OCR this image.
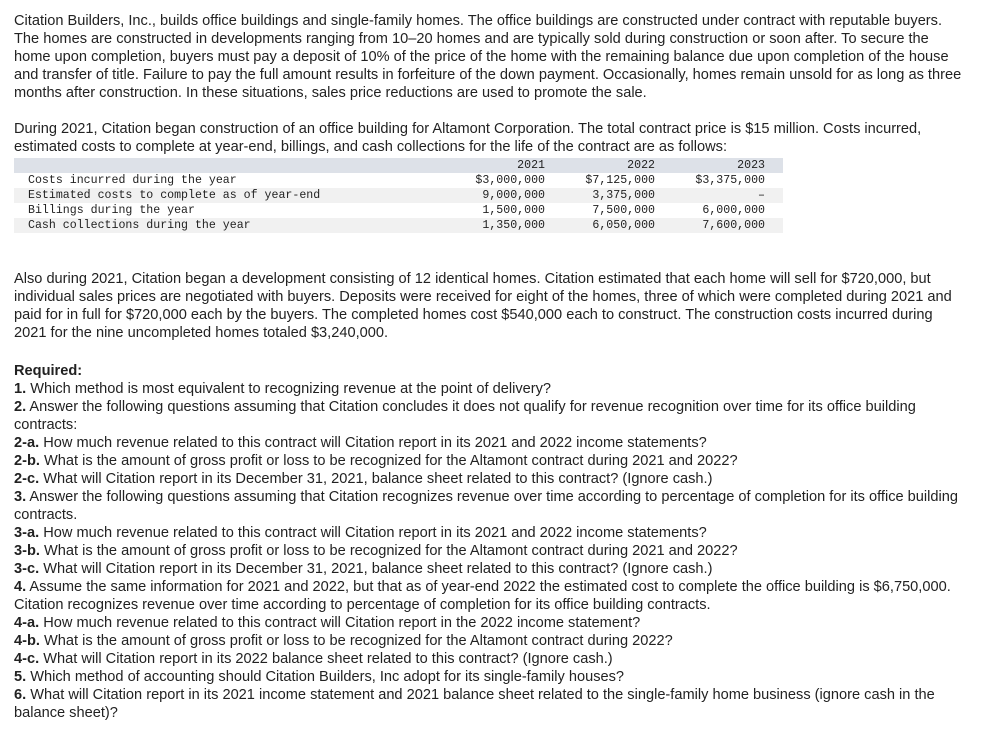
Citation Builders, Inc., builds office buildings and single-family homes. The office buildings are constructed under contract with reputable buyers. The homes are constructed in developments ranging from 10–20 homes and are typically sold during construction or soon after. To secure the home upon completion, buyers must pay a deposit of 10% of the price of the home with the remaining balance due upon completion of the house and transfer of title. Failure to pay the full amount results in forfeiture of the down payment. Occasionally, homes remain unsold for as long as three months after construction. In these situations, sales price reductions are used to promote the sale.

During 2021, Citation began construction of an office building for Altamont Corporation. The total contract price is $15 million. Costs incurred, estimated costs to complete at year-end, billings, and cash collections for the life of the contract are as follows:

	2021	2022	2023
Costs incurred during the year	$3,000,000	$7,125,000	$3,375,000
Estimated costs to complete as of year-end	9,000,000	3,375,000	–
Billings during the year	1,500,000	7,500,000	6,000,000
Cash collections during the year	1,350,000	6,050,000	7,600,000

Also during 2021, Citation began a development consisting of 12 identical homes. Citation estimated that each home will sell for $720,000, but individual sales prices are negotiated with buyers. Deposits were received for eight of the homes, three of which were completed during 2021 and paid for in full for $720,000 each by the buyers. The completed homes cost $540,000 each to construct. The construction costs incurred during 2021 for the nine uncompleted homes totaled $3,240,000.

Required:
1. Which method is most equivalent to recognizing revenue at the point of delivery?
2. Answer the following questions assuming that Citation concludes it does not qualify for revenue recognition over time for its office building contracts:
2-a. How much revenue related to this contract will Citation report in its 2021 and 2022 income statements?
2-b. What is the amount of gross profit or loss to be recognized for the Altamont contract during 2021 and 2022?
2-c. What will Citation report in its December 31, 2021, balance sheet related to this contract? (Ignore cash.)
3. Answer the following questions assuming that Citation recognizes revenue over time according to percentage of completion for its office building contracts.
3-a. How much revenue related to this contract will Citation report in its 2021 and 2022 income statements?
3-b. What is the amount of gross profit or loss to be recognized for the Altamont contract during 2021 and 2022?
3-c. What will Citation report in its December 31, 2021, balance sheet related to this contract? (Ignore cash.)
4. Assume the same information for 2021 and 2022, but that as of year-end 2022 the estimated cost to complete the office building is $6,750,000. Citation recognizes revenue over time according to percentage of completion for its office building contracts.
4-a. How much revenue related to this contract will Citation report in the 2022 income statement?
4-b. What is the amount of gross profit or loss to be recognized for the Altamont contract during 2022?
4-c. What will Citation report in its 2022 balance sheet related to this contract? (Ignore cash.)
5. Which method of accounting should Citation Builders, Inc adopt for its single-family houses?
6. What will Citation report in its 2021 income statement and 2021 balance sheet related to the single-family home business (ignore cash in the balance sheet)?
